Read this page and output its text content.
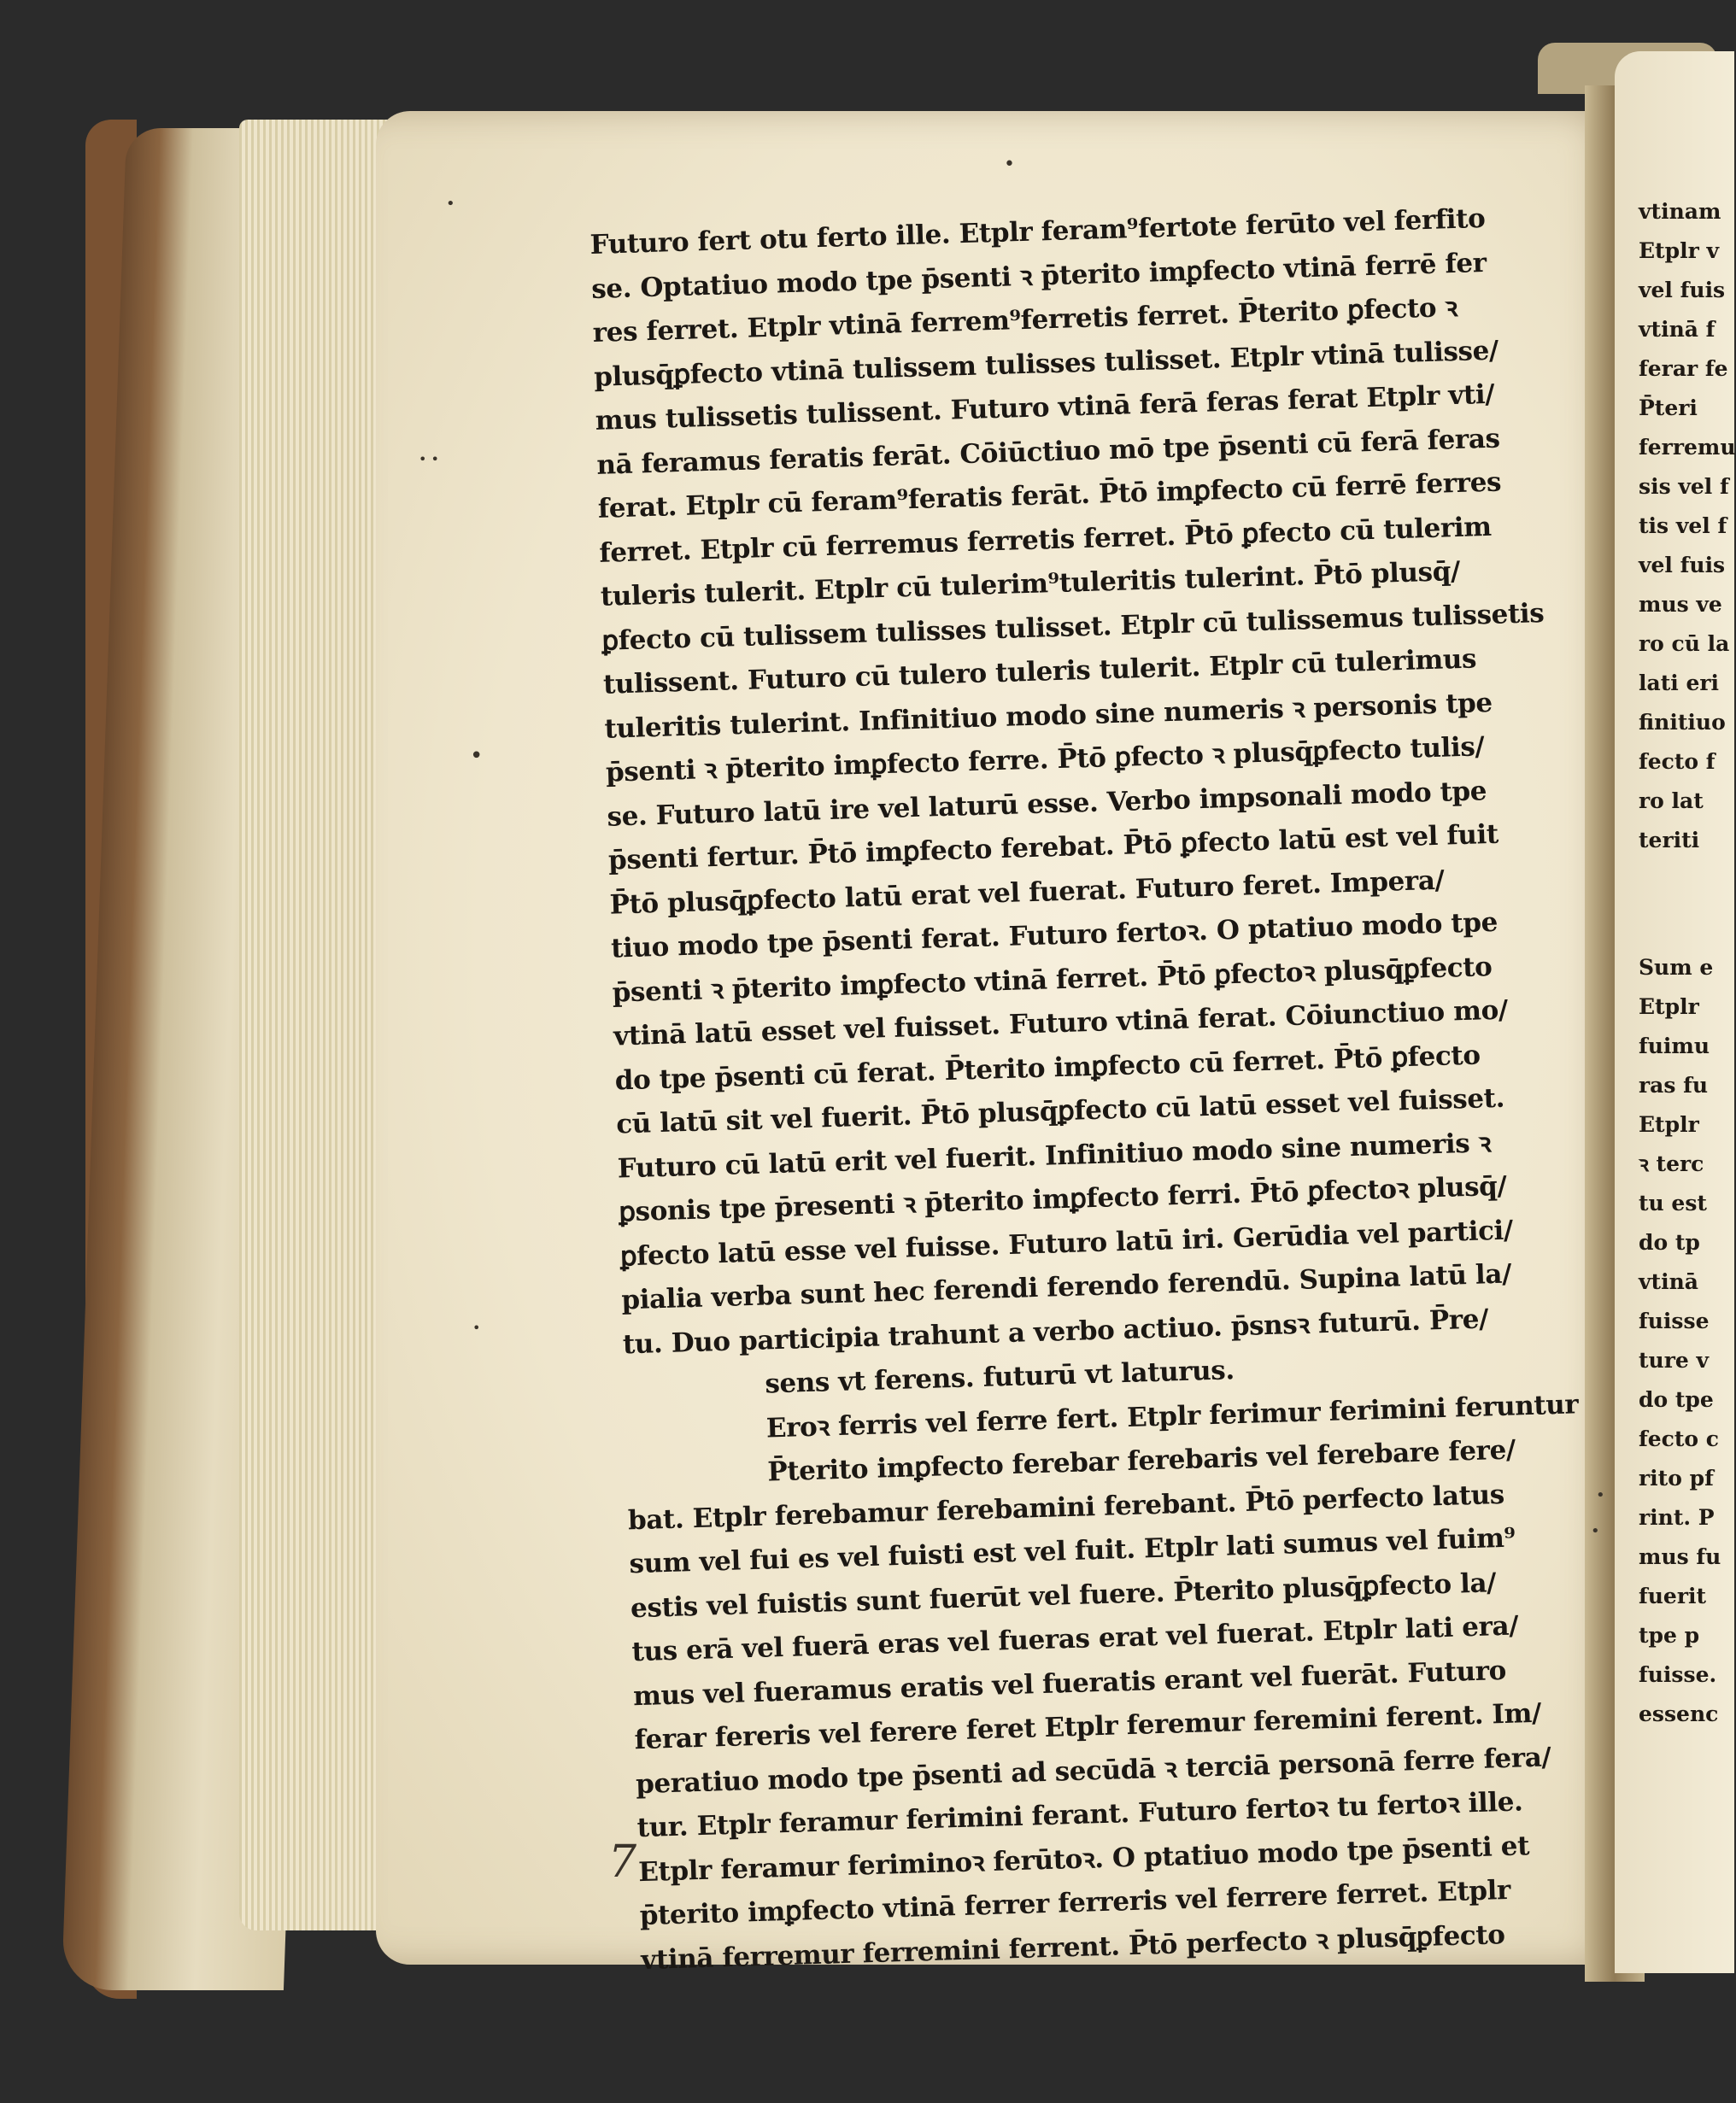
Futuro fert otu ferto ille. Etplr feram⁹fertote ferūto vel ferfito
se. Optatiuo modo tpe p̄senti ꝛ p̄terito imꝑfecto vtinā ferrē fer
res ferret. Etplr vtinā ferrem⁹ferretis ferret. P̄terito ꝑfecto ꝛ
plusq̄ꝑfecto vtinā tulissem tulisses tulisset. Etplr vtinā tulisse/
mus tulissetis tulissent. Futuro vtinā ferā feras ferat Etplr vti/
nā feramus feratis ferāt. Cōiūctiuo mō tpe p̄senti cū ferā feras
ferat. Etplr cū feram⁹feratis ferāt. P̄tō imꝑfecto cū ferrē ferres
ferret. Etplr cū ferremus ferretis ferret. P̄tō ꝑfecto cū tulerim
tuleris tulerit. Etplr cū tulerim⁹tuleritis tulerint. P̄tō plusq̄/
ꝑfecto cū tulissem tulisses tulisset. Etplr cū tulissemus tulissetis
tulissent. Futuro cū tulero tuleris tulerit. Etplr cū tulerimus
tuleritis tulerint. Infinitiuo modo sine numeris ꝛ personis tpe
p̄senti ꝛ p̄terito imꝑfecto ferre. P̄tō ꝑfecto ꝛ plusq̄ꝑfecto tulis/
se. Futuro latū ire vel laturū esse. Verbo impsonali modo tpe
p̄senti fertur. P̄tō imꝑfecto ferebat. P̄tō ꝑfecto latū est vel fuit
P̄tō plusq̄ꝑfecto latū erat vel fuerat. Futuro feret. Impera/
tiuo modo tpe p̄senti ferat. Futuro fertoꝛ. O ptatiuo modo tpe
p̄senti ꝛ p̄terito imꝑfecto vtinā ferret. P̄tō ꝑfectoꝛ plusq̄ꝑfecto
vtinā latū esset vel fuisset. Futuro vtinā ferat. Cōiunctiuo mo/
do tpe p̄senti cū ferat. P̄terito imꝑfecto cū ferret. P̄tō ꝑfecto
cū latū sit vel fuerit. P̄tō plusq̄ꝑfecto cū latū esset vel fuisset.
Futuro cū latū erit vel fuerit. Infinitiuo modo sine numeris ꝛ
ꝑsonis tpe p̄resenti ꝛ p̄terito imꝑfecto ferri. P̄tō ꝑfectoꝛ plusq̄/
ꝑfecto latū esse vel fuisse. Futuro latū iri. Gerūdia vel partici/
pialia verba sunt hec ferendi ferendo ferendū. Supina latū la/
tu. Duo participia trahunt a verbo actiuo. p̄snsꝛ futurū. P̄re/
sens vt ferens. futurū vt laturus.
Eroꝛ ferris vel ferre fert. Etplr ferimur ferimini feruntur
P̄terito imꝑfecto ferebar ferebaris vel ferebare fere/
bat. Etplr ferebamur ferebamini ferebant. P̄tō perfecto latus
sum vel fui es vel fuisti est vel fuit. Etplr lati sumus vel fuim⁹
estis vel fuistis sunt fuerūt vel fuere. P̄terito plusq̄ꝑfecto la/
tus erā vel fuerā eras vel fueras erat vel fuerat. Etplr lati era/
mus vel fueramus eratis vel fueratis erant vel fuerāt. Futuro
ferar fereris vel ferere feret Etplr feremur feremini ferent. Im/
peratiuo modo tpe p̄senti ad secūdā ꝛ terciā personā ferre fera/
tur. Etplr feramur ferimini ferant. Futuro fertoꝛ tu fertoꝛ ille.
Etplr feramur feriminoꝛ ferūtoꝛ. O ptatiuo modo tpe p̄senti et
p̄terito imꝑfecto vtinā ferrer ferreris vel ferrere ferret. Etplr
vtinā ferremur ferremini ferrent. P̄tō perfecto ꝛ plusq̄ꝑfecto
vtinam
Etplr v
vel fuis
vtinā f
ferar fe
P̄teri
ferremu
sis vel f
tis vel f
vel fuis
mus ve
ro cū la
lati eri
finitiuo
fecto f
ro lat
teriti
Sum e
Etplr
fuimu
ras fu
Etplr
ꝛ terc
tu est
do tp
vtinā
fuisse
ture v
do tpe
fecto c
rito pf
rint. P
mus fu
fuerit
tpe p
fuisse.
essenc
•
•
• •
•
•
•
•
7
